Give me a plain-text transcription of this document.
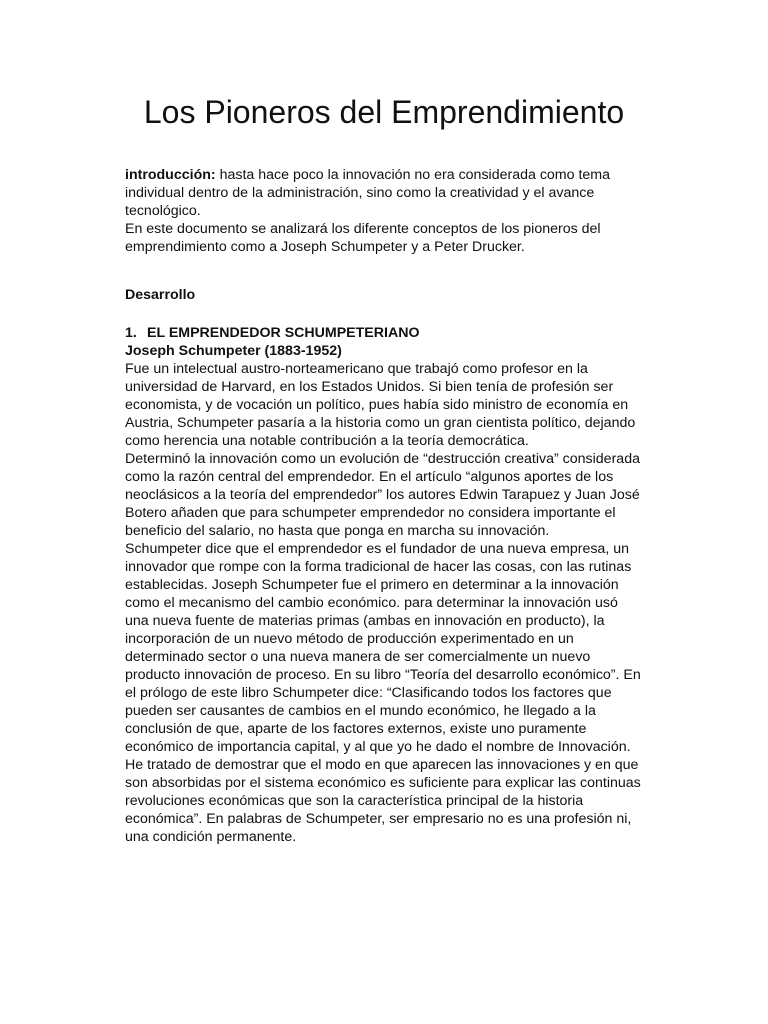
Los Pioneros del Emprendimiento

introducción: hasta hace poco la innovación no era considerada como tema individual dentro de la administración, sino como la creatividad y el avance tecnológico.

En este documento se analizará los diferente conceptos de los pioneros del emprendimiento como a Joseph Schumpeter y a Peter Drucker.

Desarrollo

1. EL EMPRENDEDOR SCHUMPETERIANO

Joseph Schumpeter (1883-1952)

Fue un intelectual austro-norteamericano que trabajó como profesor en la universidad de Harvard, en los Estados Unidos. Si bien tenía de profesión ser economista, y de vocación un político, pues había sido ministro de economía en Austria, Schumpeter pasaría a la historia como un gran cientista político, dejando como herencia una notable contribución a la teoría democrática.

Determinó la innovación como un evolución de “destrucción creativa” considerada como la razón central del emprendedor. En el artículo “algunos aportes de los neoclásicos a la teoría del emprendedor” los autores Edwin Tarapuez y Juan José Botero añaden que para schumpeter emprendedor no considera importante el beneficio del salario, no hasta que ponga en marcha su innovación.

Schumpeter dice que el emprendedor es el fundador de una nueva empresa, un innovador que rompe con la forma tradicional de hacer las cosas, con las rutinas establecidas. Joseph Schumpeter fue el primero en determinar a la innovación como el mecanismo del cambio económico. para determinar la innovación usó una nueva fuente de materias primas (ambas en innovación en producto), la incorporación de un nuevo método de producción experimentado en un determinado sector o una nueva manera de ser comercialmente un nuevo producto innovación de proceso. En su libro “Teoría del desarrollo económico”. En el prólogo de este libro Schumpeter dice: “Clasificando todos los factores que pueden ser causantes de cambios en el mundo económico, he llegado a la conclusión de que, aparte de los factores externos, existe uno puramente económico de importancia capital, y al que yo he dado el nombre de Innovación. He tratado de demostrar que el modo en que aparecen las innovaciones y en que son absorbidas por el sistema económico es suficiente para explicar las continuas revoluciones económicas que son la característica principal de la historia económica”. En palabras de Schumpeter, ser empresario no es una profesión ni, una condición permanente.
